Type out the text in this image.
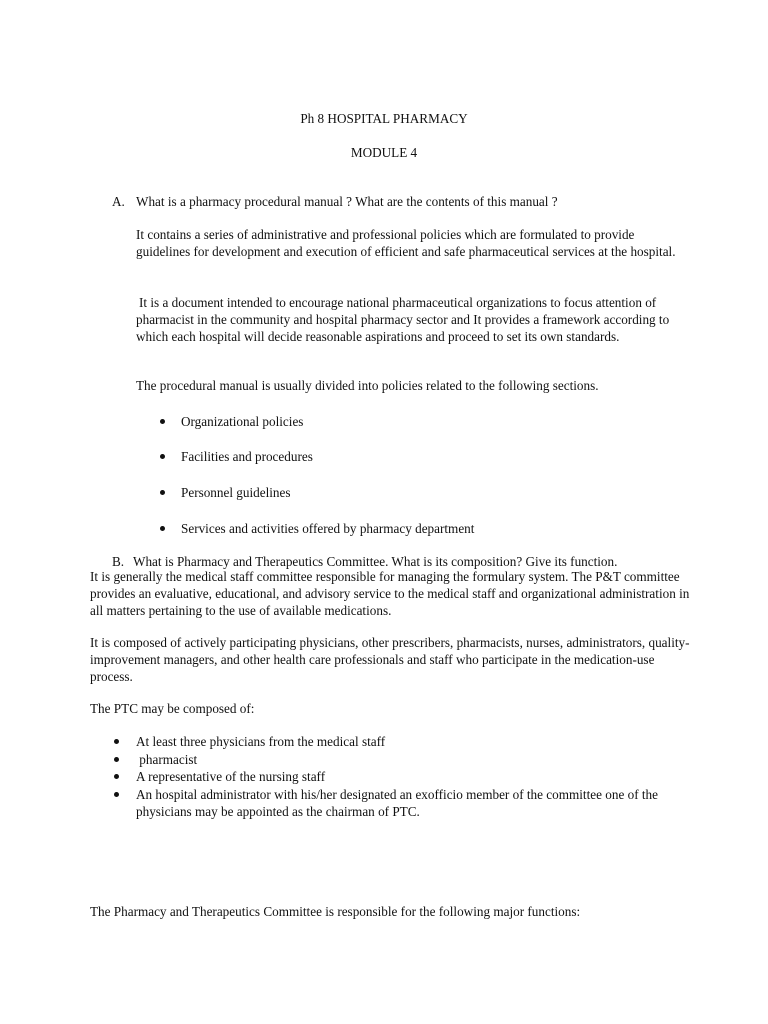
Ph 8 HOSPITAL PHARMACY

MODULE 4

A. What is a pharmacy procedural manual ? What are the contents of this manual ?

It contains a series of administrative and professional policies which are formulated to provide guidelines for development and execution of efficient and safe pharmaceutical services at the hospital.

It is a document intended to encourage national pharmaceutical organizations to focus attention of pharmacist in the community and hospital pharmacy sector and It provides a framework according to which each hospital will decide reasonable aspirations and proceed to set its own standards.

The procedural manual is usually divided into policies related to the following sections.

Organizational policies
Facilities and procedures
Personnel guidelines
Services and activities offered by pharmacy department
B. What is Pharmacy and Therapeutics Committee. What is its composition? Give its function.

It is generally the medical staff committee responsible for managing the formulary system. The P&T committee provides an evaluative, educational, and advisory service to the medical staff and organizational administration in all matters pertaining to the use of available medications.

It is composed of actively participating physicians, other prescribers, pharmacists, nurses, administrators, quality- improvement managers, and other health care professionals and staff who participate in the medication-use process.

The PTC may be composed of:

At least three physicians from the medical staff
pharmacist
A representative of the nursing staff
An hospital administrator with his/her designated an exofficio member of the committee one of the physicians may be appointed as the chairman of PTC.

The Pharmacy and Therapeutics Committee is responsible for the following major functions:
